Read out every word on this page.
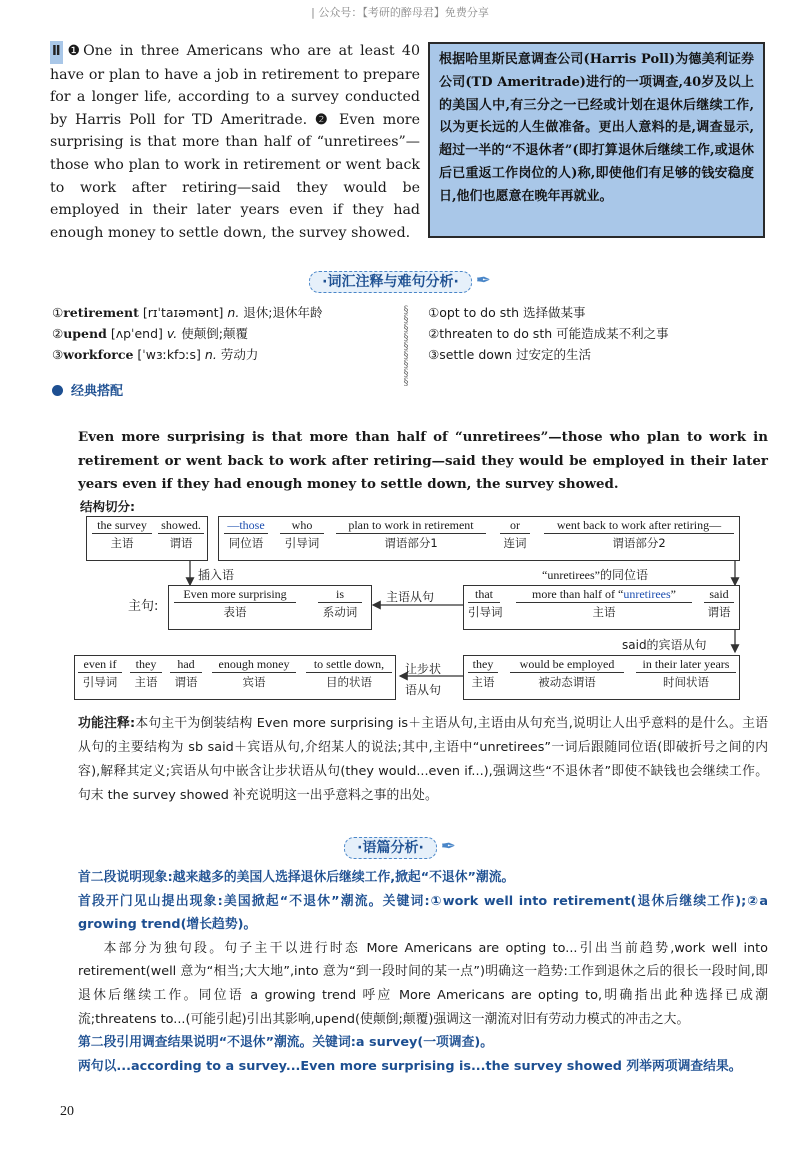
| 公众号：【考研的醉母君】免费分享
Ⅱ ❶One in three Americans who are at least 40 have or plan to have a job in retirement to prepare for a longer life, according to a survey conducted by Harris Poll for TD Ameritrade. ❷ Even more surprising is that more than half of “unretirees”—those who plan to work in retirement or went back to work after retiring—said they would be employed in their later years even if they had enough money to settle down, the survey showed.
根据哈里斯民意调查公司(Harris Poll)为德美利证券公司(TD Ameritrade)进行的一项调查,40岁及以上的美国人中,有三分之一已经或计划在退休后继续工作,以为更长远的人生做准备。更出人意料的是,调查显示,超过一半的“不退休者”(即打算退休后继续工作,或退休后已重返工作岗位的人)称,即使他们有足够的钱安稳度日,他们也愿意在晚年再就业。
·词汇注释与难句分析· ✒
①retirement [rɪˈtaɪəmənt] n. 退休;退休年龄
②upend [ʌpˈend] v. 使颠倒;颠覆
③workforce [ˈwɜːkfɔːs] n. 劳动力
§
§
§
§
§
§
§
§
§
①opt to do sth 选择做某事
②threaten to do sth 可能造成某不利之事
③settle down 过安定的生活
经典搭配
Even more surprising is that more than half of “unretirees”—those who plan to work in retirement or went back to work after retiring—said they would be employed in their later years even if they had enough money to settle down, the survey showed.
结构切分:
the survey
主语
showed.
谓语
—those
同位语
who
引导词
plan to work in retirement
谓语部分1
or
连词
went back to work after retiring—
谓语部分2
插入语	“unretirees”的同位语
主句:
Even more surprising
表语
is
系动词
主语从句	that
引导词
more than half of “unretirees”
主语
said
谓语
said的宾语从句
even if
引导词
they
主语
had
谓语
enough money
宾语
to settle down,
目的状语
让步状
语从句
they
主语
would be employed
被动态谓语
in their later years
时间状语
功能注释:本句主干为倒装结构 Even more surprising is＋主语从句,主语由从句充当,说明让人出乎意料的是什么。主语从句的主要结构为 sb said＋宾语从句,介绍某人的说法;其中,主语中“unretirees”一词后跟随同位语(即破折号之间的内容),解释其定义;宾语从句中嵌含让步状语从句(they would...even if...),强调这些“不退休者”即使不缺钱也会继续工作。句末 the survey showed 补充说明这一出乎意料之事的出处。
·语篇分析· ✒

首二段说明现象:越来越多的美国人选择退休后继续工作,掀起“不退休”潮流。

首段开门见山提出现象:美国掀起“不退休”潮流。关键词:①work well into retirement(退休后继续工作);②a growing trend(增长趋势)。

本部分为独句段。句子主干以进行时态 More Americans are opting to...引出当前趋势,work well into retirement(well 意为“相当;大大地”,into 意为“到一段时间的某一点”)明确这一趋势:工作到退休之后的很长一段时间,即退休后继续工作。同位语 a growing trend 呼应 More Americans are opting to,明确指出此种选择已成潮流;threatens to...(可能引起)引出其影响,upend(使颠倒;颠覆)强调这一潮流对旧有劳动力模式的冲击之大。

第二段引用调查结果说明“不退休”潮流。关键词:a survey(一项调查)。

两句以...according to a survey...Even more surprising is...the survey showed 列举两项调查结果。

20
